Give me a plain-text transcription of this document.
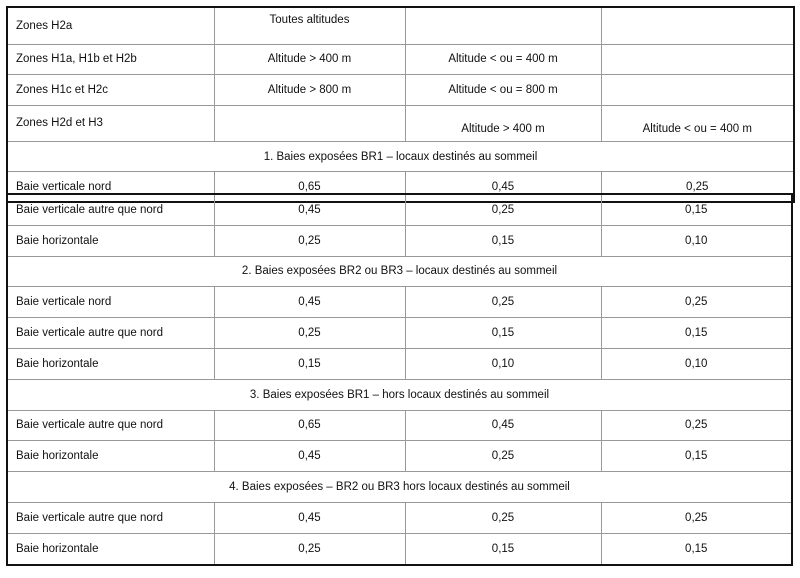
Zones H2a	Toutes altitudes		
Zones H1a, H1b et H2b	Altitude > 400 m	Altitude < ou = 400 m	
Zones H1c et H2c	Altitude > 800 m	Altitude < ou = 800 m	
Zones H2d et H3		Altitude > 400 m	Altitude < ou = 400 m
1. Baies exposées BR1 – locaux destinés au sommeil			
Baie verticale nord	0,65	0,45	0,25
Baie verticale autre que nord	0,45	0,25	0,15
Baie horizontale	0,25	0,15	0,10
2. Baies exposées BR2 ou BR3 – locaux destinés au sommeil			
Baie verticale nord	0,45	0,25	0,25
Baie verticale autre que nord	0,25	0,15	0,15
Baie horizontale	0,15	0,10	0,10
3. Baies exposées BR1 – hors locaux destinés au sommeil			
Baie verticale autre que nord	0,65	0,45	0,25
Baie horizontale	0,45	0,25	0,15
4. Baies exposées – BR2 ou BR3 hors locaux destinés au sommeil			
Baie verticale autre que nord	0,45	0,25	0,25
Baie horizontale	0,25	0,15	0,15
